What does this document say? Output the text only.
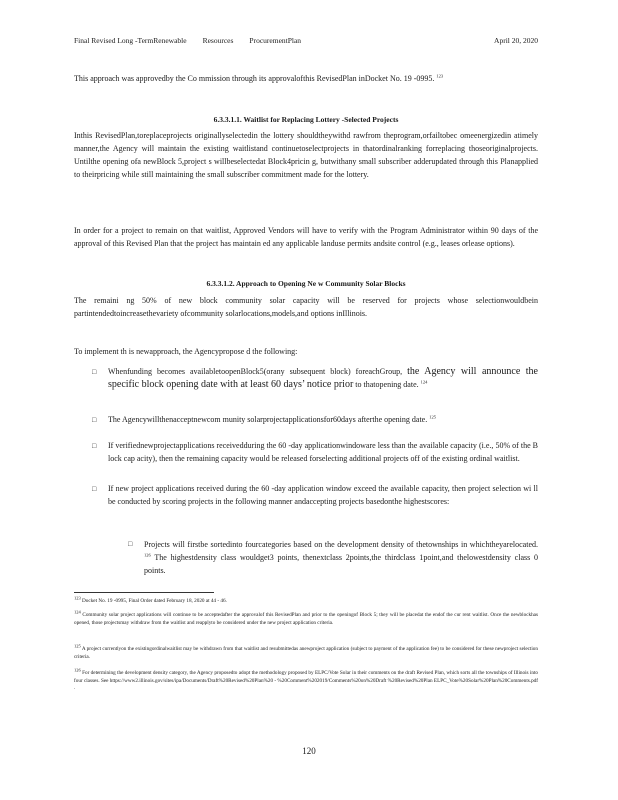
Final Revised Long -TermRenewable Resources ProcurementPlan	April 20, 2020
This approach was approvedby the Co mmission through its approvalofthis RevisedPlan inDocket No. 19 -0995. $^{123}$
6.3.3.1.1. Waitlist for Replacing Lottery -Selected Projects
Inthis RevisedPlan,toreplaceprojects originallyselectedin the lottery shouldtheywithd rawfrom theprogram,orfailtobec omeenergizedin atimely manner,the Agency will maintain the existing waitlistand continuetoselectprojects in thatordinalranking forreplacing thoseoriginalprojects. Untilthe opening ofa newBlock 5,project s willbeselectedat Block4pricin g, butwithany small subscriber adderupdated through this Planapplied to theirpricing while still maintaining the small subscriber commitment made for the lottery.
In order for a project to remain on that waitlist, Approved Vendors will have to verify with the Program Administrator within 90 days of the approval of this Revised Plan that the project has maintain ed any applicable landuse permits andsite control (e.g., leases orlease options).
6.3.3.1.2. Approach to Opening Ne w Community Solar Blocks
The remaini ng 50% of new block community solar capacity will be reserved for projects whose selectionwouldbein partintendedtoincreasethevariety ofcommunity solarlocations,models,and options inIllinois.
To implement th is newapproach, the Agencypropose d the following:
□	Whenfunding becomes availabletoopenBlock5(orany subsequent block) foreachGroup, the Agency will announce the specific block opening date with at least 60 days’ notice prior to thatopening date. $^{124}$
□	The Agencywillthenacceptnewcom munity solarprojectapplicationsfor60days afterthe opening date. $^{125}$
□	If verifiednewprojectapplications receivedduring the 60 -day applicationwindoware less than the available capacity (i.e., 50% of the B lock cap acity), then the remaining capacity would be released forselecting additional projects off of the existing ordinal waitlist.
□	If new project applications received during the 60 -day application window exceed the available capacity, then project selection wi ll be conducted by scoring projects in the following manner andaccepting projects basedonthe highestscores:
□ Projects will firstbe sortedinto fourcategories based on the development density of thetownships in whichtheyarelocated. $^{126}$ The highestdensity class wouldget3 points, thenextclass 2points,the thirdclass 1point,and thelowestdensity class 0 points.
$^{123}$ Docket No. 19 -0995, Final Order dated February 18, 2020 at 44 - 46.
$^{124}$ Community solar project applications will continue to be acceptedafter the approvalof this RevisedPlan and prior to the openingof Block 5; they will be placedat the endof the cur rent waitlist. Once the newblockhas opened, those projectsmay withdraw from the waitlist and reapplyto be considered under the new project application criteria.
$^{125}$ A project currentlyon the existingordinalwaitlist may be withdrawn from that waitlist and resubmittedas anewproject application (subject to payment of the application fee) to be considered for these newproject selection criteria.
$^{126}$ For determining the development density category, the Agency proposedto adopt the methodology proposed by ELPC/Vote Solar in their comments on the draft Revised Plan, which sorts all the townships of Illinois into four classes. See https://www2.illinois.gov/sites/ipa/Documents/Draft%20Revised%20Plan%20 - %20Comment%202019/Comments%20on%20Draft %20Revised%20Plan ELPC_Vote%20Solar%20Plan%20Comments.pdf .
120
